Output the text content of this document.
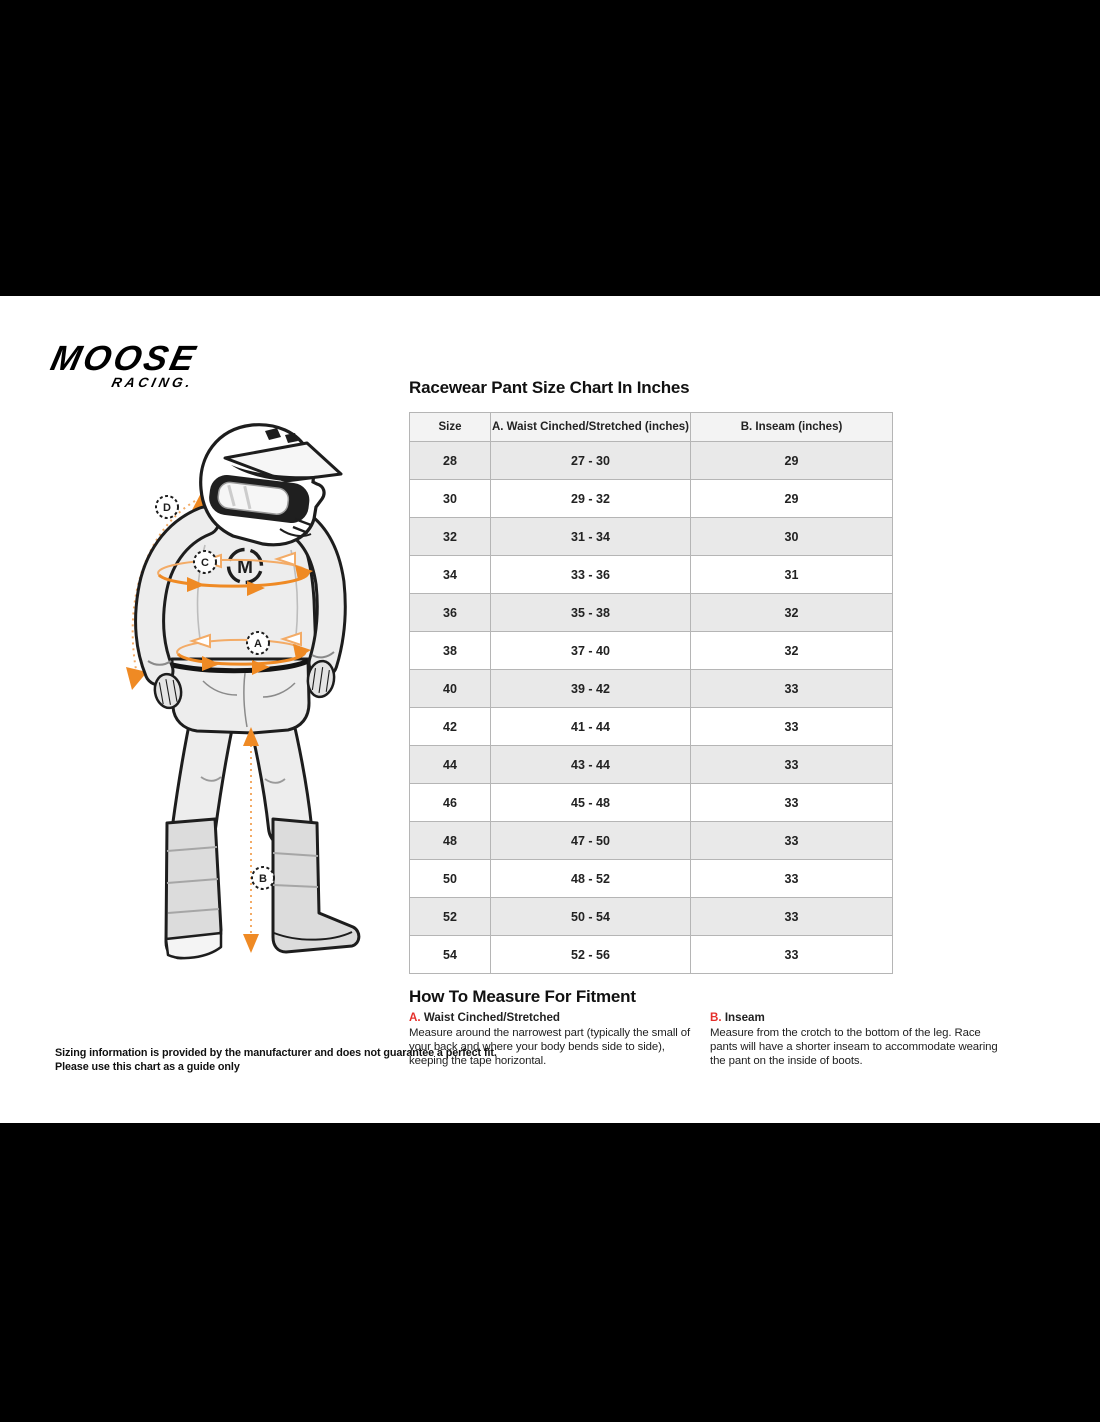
MOOSE
RACING.	Racewear Pant Size Chart In Inches
Size	A. Waist Cinched/Stretched (inches)	B. Inseam (inches)
28	27 - 30	29
30	29 - 32	29
32	31 - 34	30
34	33 - 36	31
36	35 - 38	32
38	37 - 40	32
40	39 - 42	33
42	41 - 44	33
44	43 - 44	33
46	45 - 48	33
48	47 - 50	33
50	48 - 52	33
52	50 - 54	33
54	52 - 56	33
M
C
A
B
D
How To Measure For Fitment
A. Waist Cinched/Stretched

Measure around the narrowest part (typically the small of your back and where your body bends side to side), keeping the tape horizontal.

B. Inseam

Measure from the crotch to the bottom of the leg. Race pants will have a shorter inseam to accommodate wearing the pant on the inside of boots.

Sizing information is provided by the manufacturer and does not guarantee a perfect fit.
Please use this chart as a guide only
